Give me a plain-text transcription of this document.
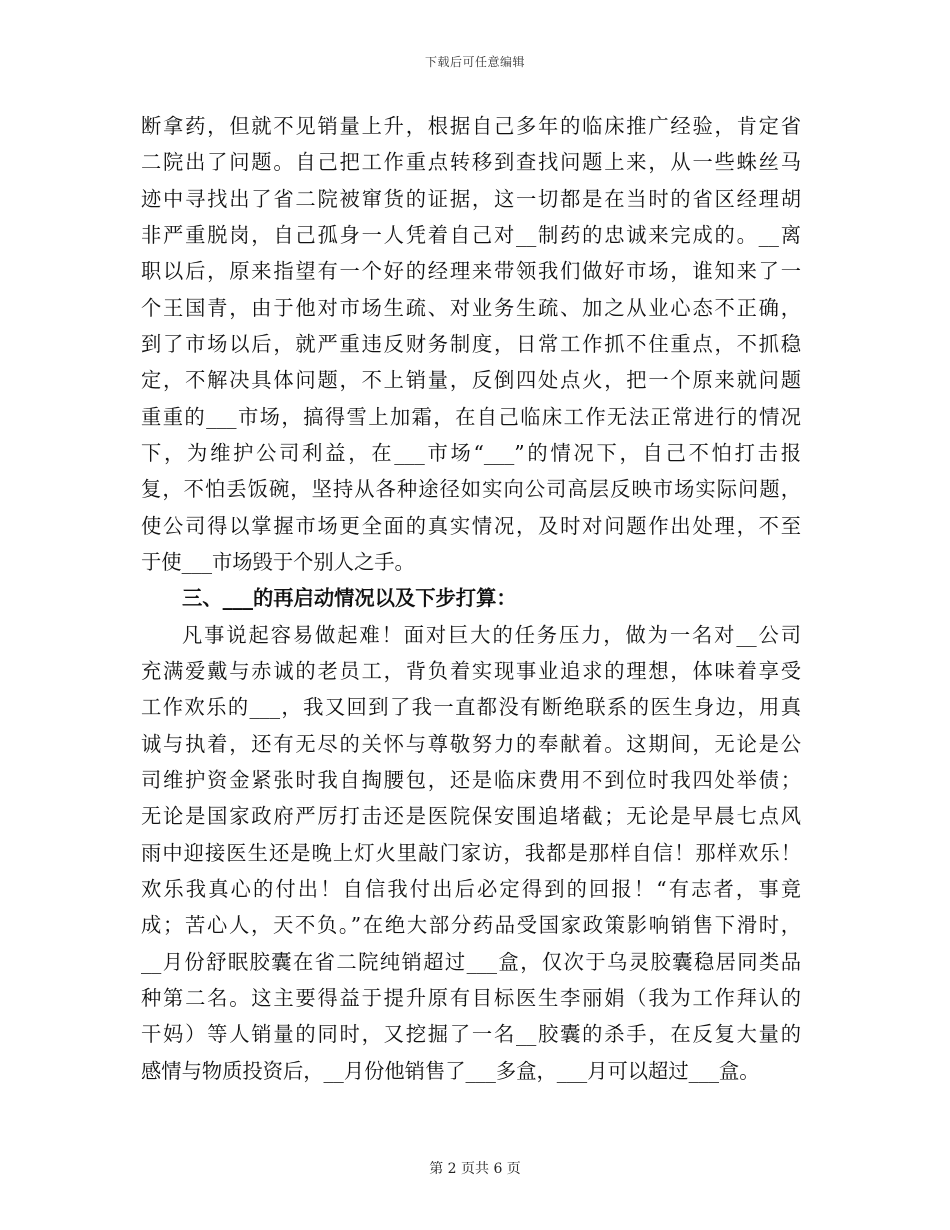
下载后可任意编辑
断拿药，但就不见销量上升，根据自己多年的临床推广经验，肯定省
二院出了问题。自己把工作重点转移到查找问题上来，从一些蛛丝马
迹中寻找出了省二院被窜货的证据，这一切都是在当时的省区经理胡
非严重脱岗，自己孤身一人凭着自己对__制药的忠诚来完成的。__离
职以后，原来指望有一个好的经理来带领我们做好市场，谁知来了一
个王国青，由于他对市场生疏、对业务生疏、加之从业心态不正确，
到了市场以后，就严重违反财务制度，日常工作抓不住重点，不抓稳
定，不解决具体问题，不上销量，反倒四处点火，把一个原来就问题
重重的___市场，搞得雪上加霜，在自己临床工作无法正常进行的情况
下，为维护公司利益，在___市场“___”的情况下，自己不怕打击报
复，不怕丢饭碗，坚持从各种途径如实向公司高层反映市场实际问题，
使公司得以掌握市场更全面的真实情况，及时对问题作出处理，不至
于使___市场毁于个别人之手。
三、___的再启动情况以及下步打算：
凡事说起容易做起难！面对巨大的任务压力，做为一名对__公司
充满爱戴与赤诚的老员工，背负着实现事业追求的理想，体味着享受
工作欢乐的___，我又回到了我一直都没有断绝联系的医生身边，用真
诚与执着，还有无尽的关怀与尊敬努力的奉献着。这期间，无论是公
司维护资金紧张时我自掏腰包，还是临床费用不到位时我四处举债；
无论是国家政府严厉打击还是医院保安围追堵截；无论是早晨七点风
雨中迎接医生还是晚上灯火里敲门家访，我都是那样自信！那样欢乐！
欢乐我真心的付出！自信我付出后必定得到的回报！“有志者，事竟
成；苦心人，天不负。”在绝大部分药品受国家政策影响销售下滑时，
__月份舒眠胶囊在省二院纯销超过___盒，仅次于乌灵胶囊稳居同类品
种第二名。这主要得益于提升原有目标医生李丽娟（我为工作拜认的
干妈）等人销量的同时，又挖掘了一名__胶囊的杀手，在反复大量的
感情与物质投资后，__月份他销售了___多盒，___月可以超过___盒。
第 2 页共 6 页
